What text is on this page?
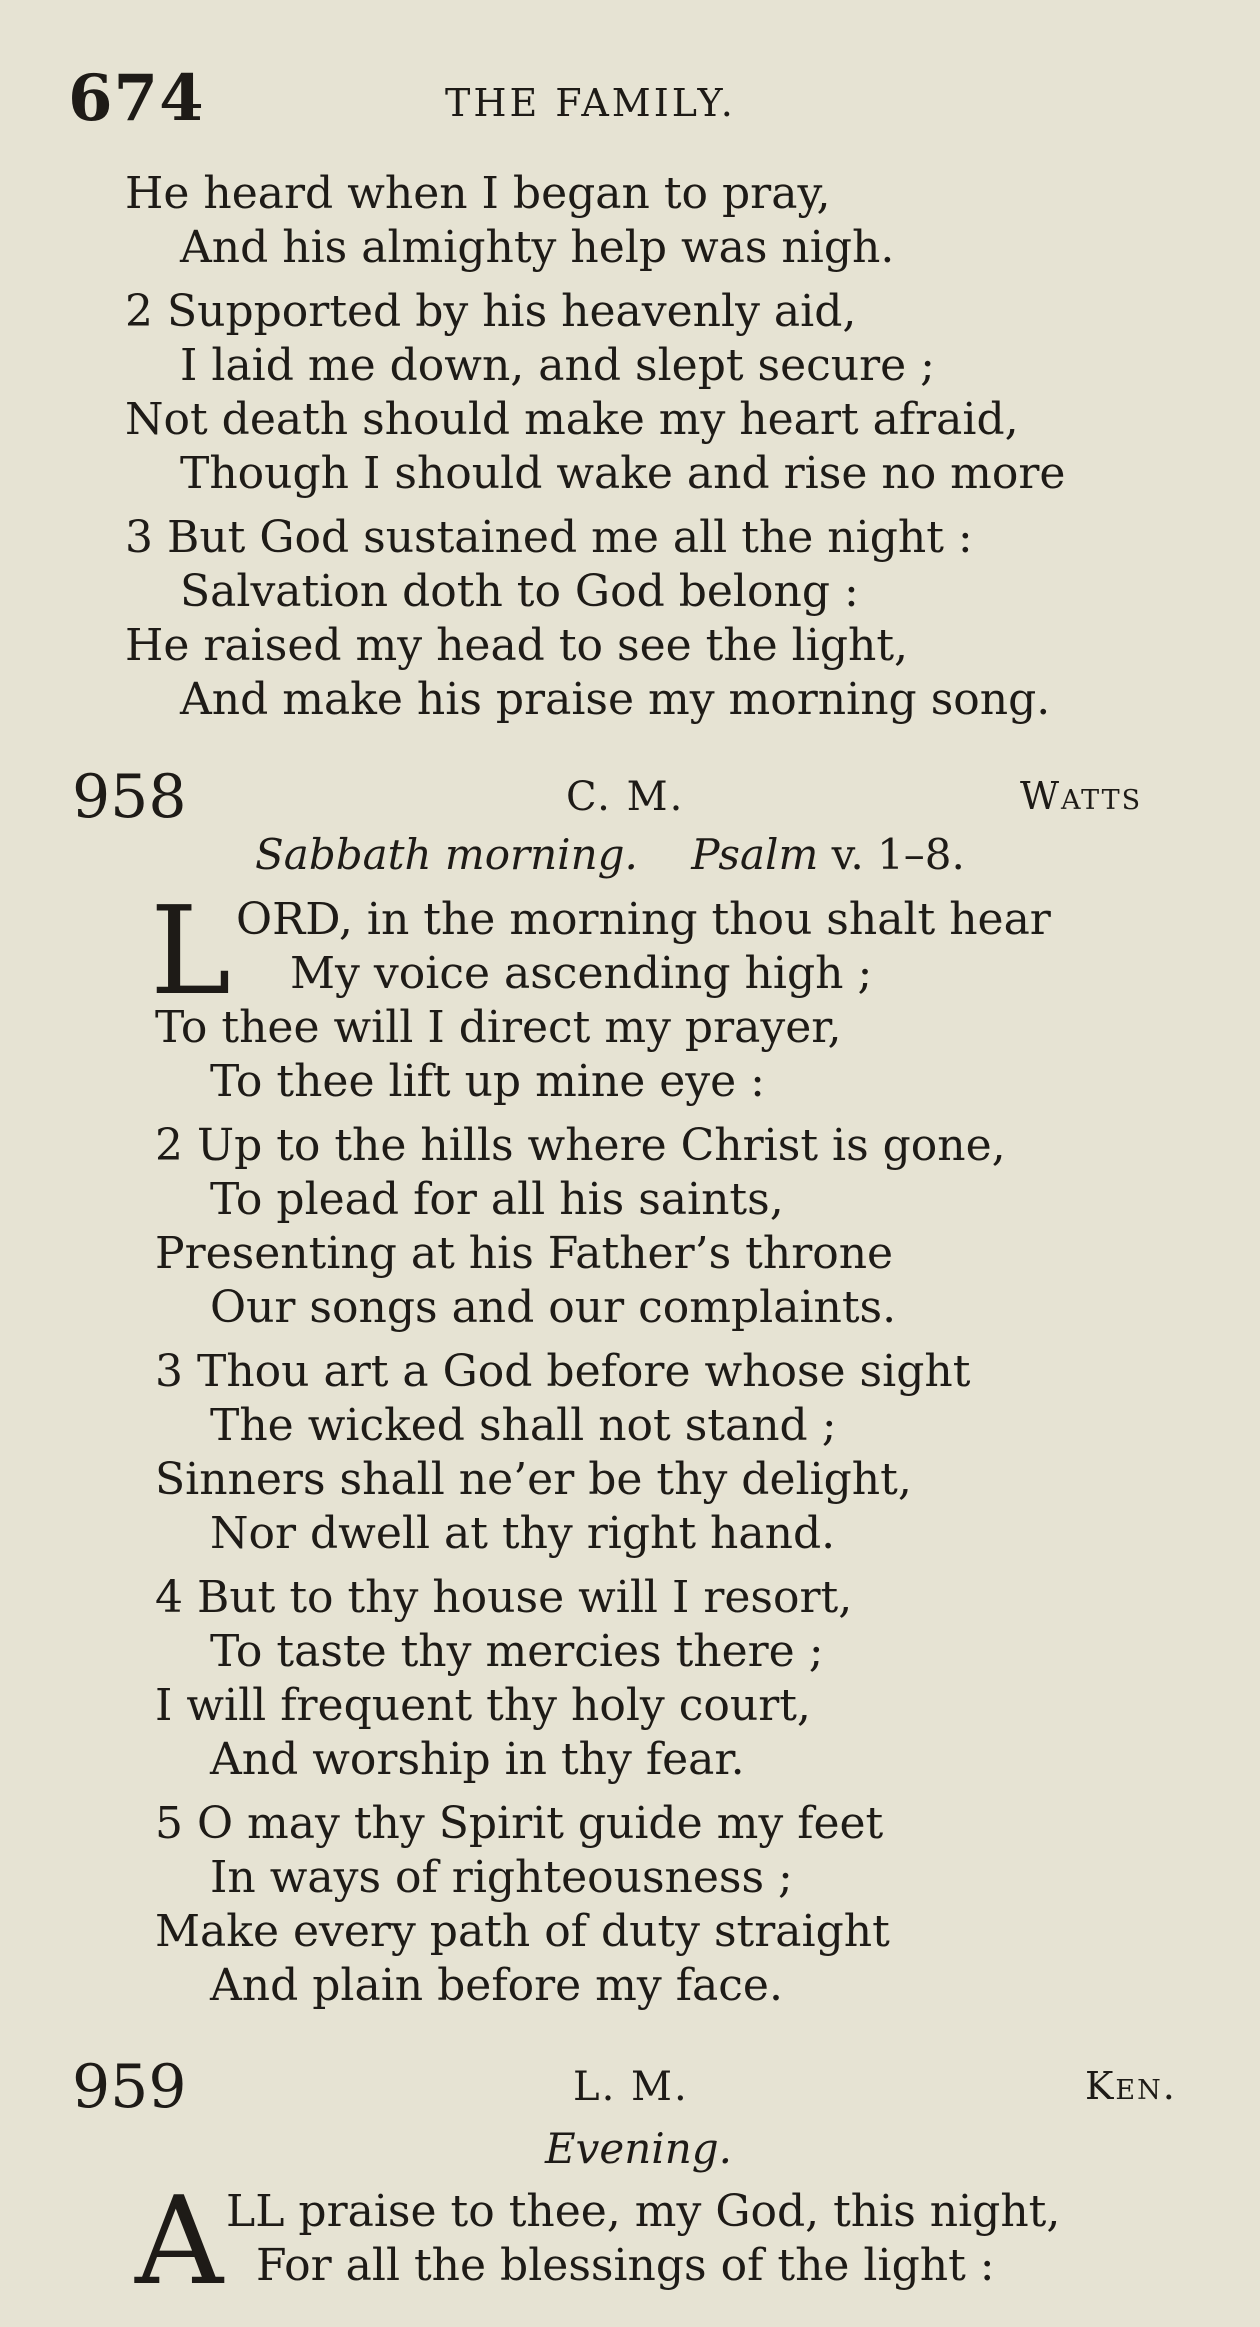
674	THE FAMILY.
He heard when I began to pray,
And his almighty help was nigh.
2 Supported by his heavenly aid,
I laid me down, and slept secure ;
Not death should make my heart afraid,
Though I should wake and rise no more
3 But God sustained me all the night :
Salvation doth to God belong :
He raised my head to see the light,
And make his praise my morning song.
958	C. M.	Watts
Sabbath morning. Psalm v. 1–8.
L ORD, in the morning thou shalt hear
My voice ascending high ;
To thee will I direct my prayer,
To thee lift up mine eye :
2 Up to the hills where Christ is gone,
To plead for all his saints,
Presenting at his Father’s throne
Our songs and our complaints.
3 Thou art a God before whose sight
The wicked shall not stand ;
Sinners shall ne’er be thy delight,
Nor dwell at thy right hand.
4 But to thy house will I resort,
To taste thy mercies there ;
I will frequent thy holy court,
And worship in thy fear.
5 O may thy Spirit guide my feet
In ways of righteousness ;
Make every path of duty straight
And plain before my face.
959	L. M.	Ken.
Evening.
A LL praise to thee, my God, this night,
For all the blessings of the light :
